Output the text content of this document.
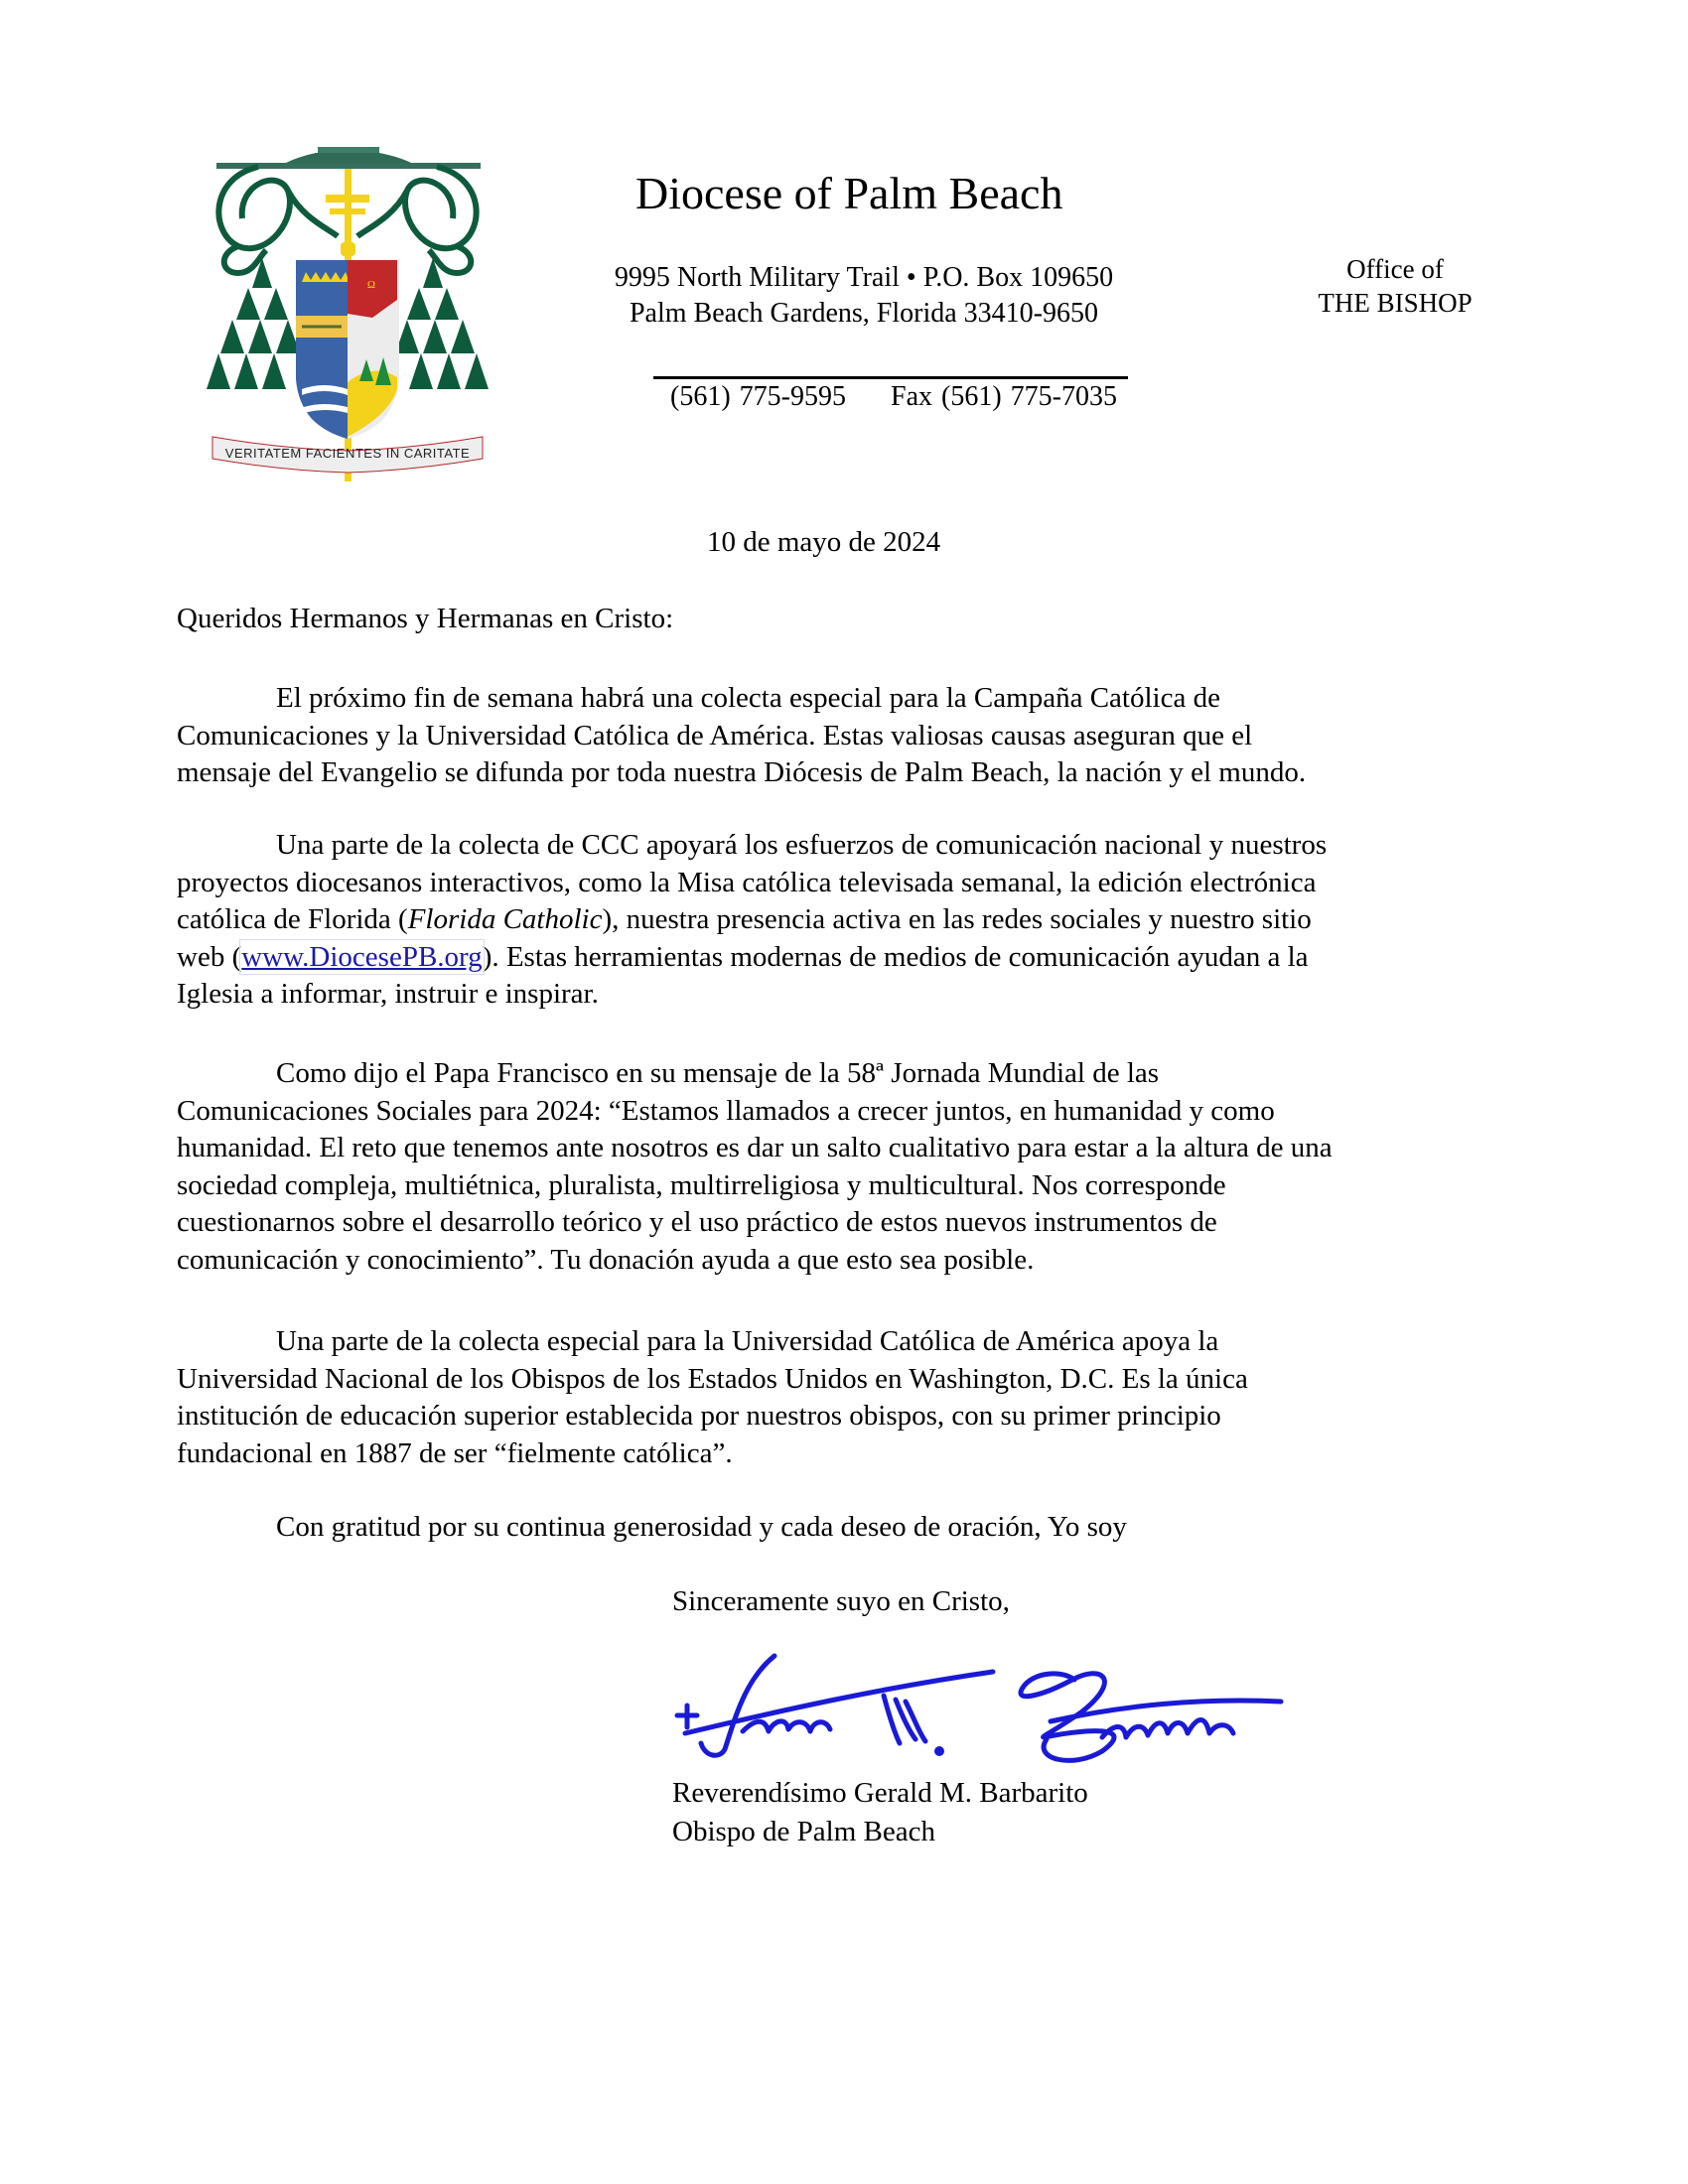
Ω
VERITATEM FACIENTES IN CARITATE
Diocese of Palm Beach
9995 North Military Trail • P.O. Box 109650
Palm Beach Gardens, Florida 33410-9650
(561) 775-9595 Fax (561) 775-7035
Office of
THE BISHOP
10 de mayo de 2024
Queridos Hermanos y Hermanas en Cristo:
El próximo fin de semana habrá una colecta especial para la Campaña Católica de
Comunicaciones y la Universidad Católica de América. Estas valiosas causas aseguran que el
mensaje del Evangelio se difunda por toda nuestra Diócesis de Palm Beach, la nación y el mundo.
Una parte de la colecta de CCC apoyará los esfuerzos de comunicación nacional y nuestros
proyectos diocesanos interactivos, como la Misa católica televisada semanal, la edición electrónica
católica de Florida (Florida Catholic), nuestra presencia activa en las redes sociales y nuestro sitio
web (www.DiocesePB.org). Estas herramientas modernas de medios de comunicación ayudan a la
Iglesia a informar, instruir e inspirar.
Como dijo el Papa Francisco en su mensaje de la 58ª Jornada Mundial de las
Comunicaciones Sociales para 2024: “Estamos llamados a crecer juntos, en humanidad y como
humanidad. El reto que tenemos ante nosotros es dar un salto cualitativo para estar a la altura de una
sociedad compleja, multiétnica, pluralista, multirreligiosa y multicultural. Nos corresponde
cuestionarnos sobre el desarrollo teórico y el uso práctico de estos nuevos instrumentos de
comunicación y conocimiento”. Tu donación ayuda a que esto sea posible.
Una parte de la colecta especial para la Universidad Católica de América apoya la
Universidad Nacional de los Obispos de los Estados Unidos en Washington, D.C. Es la única
institución de educación superior establecida por nuestros obispos, con su primer principio
fundacional en 1887 de ser “fielmente católica”.
Con gratitud por su continua generosidad y cada deseo de oración, Yo soy
Sinceramente suyo en Cristo,
Reverendísimo Gerald M. Barbarito
Obispo de Palm Beach
